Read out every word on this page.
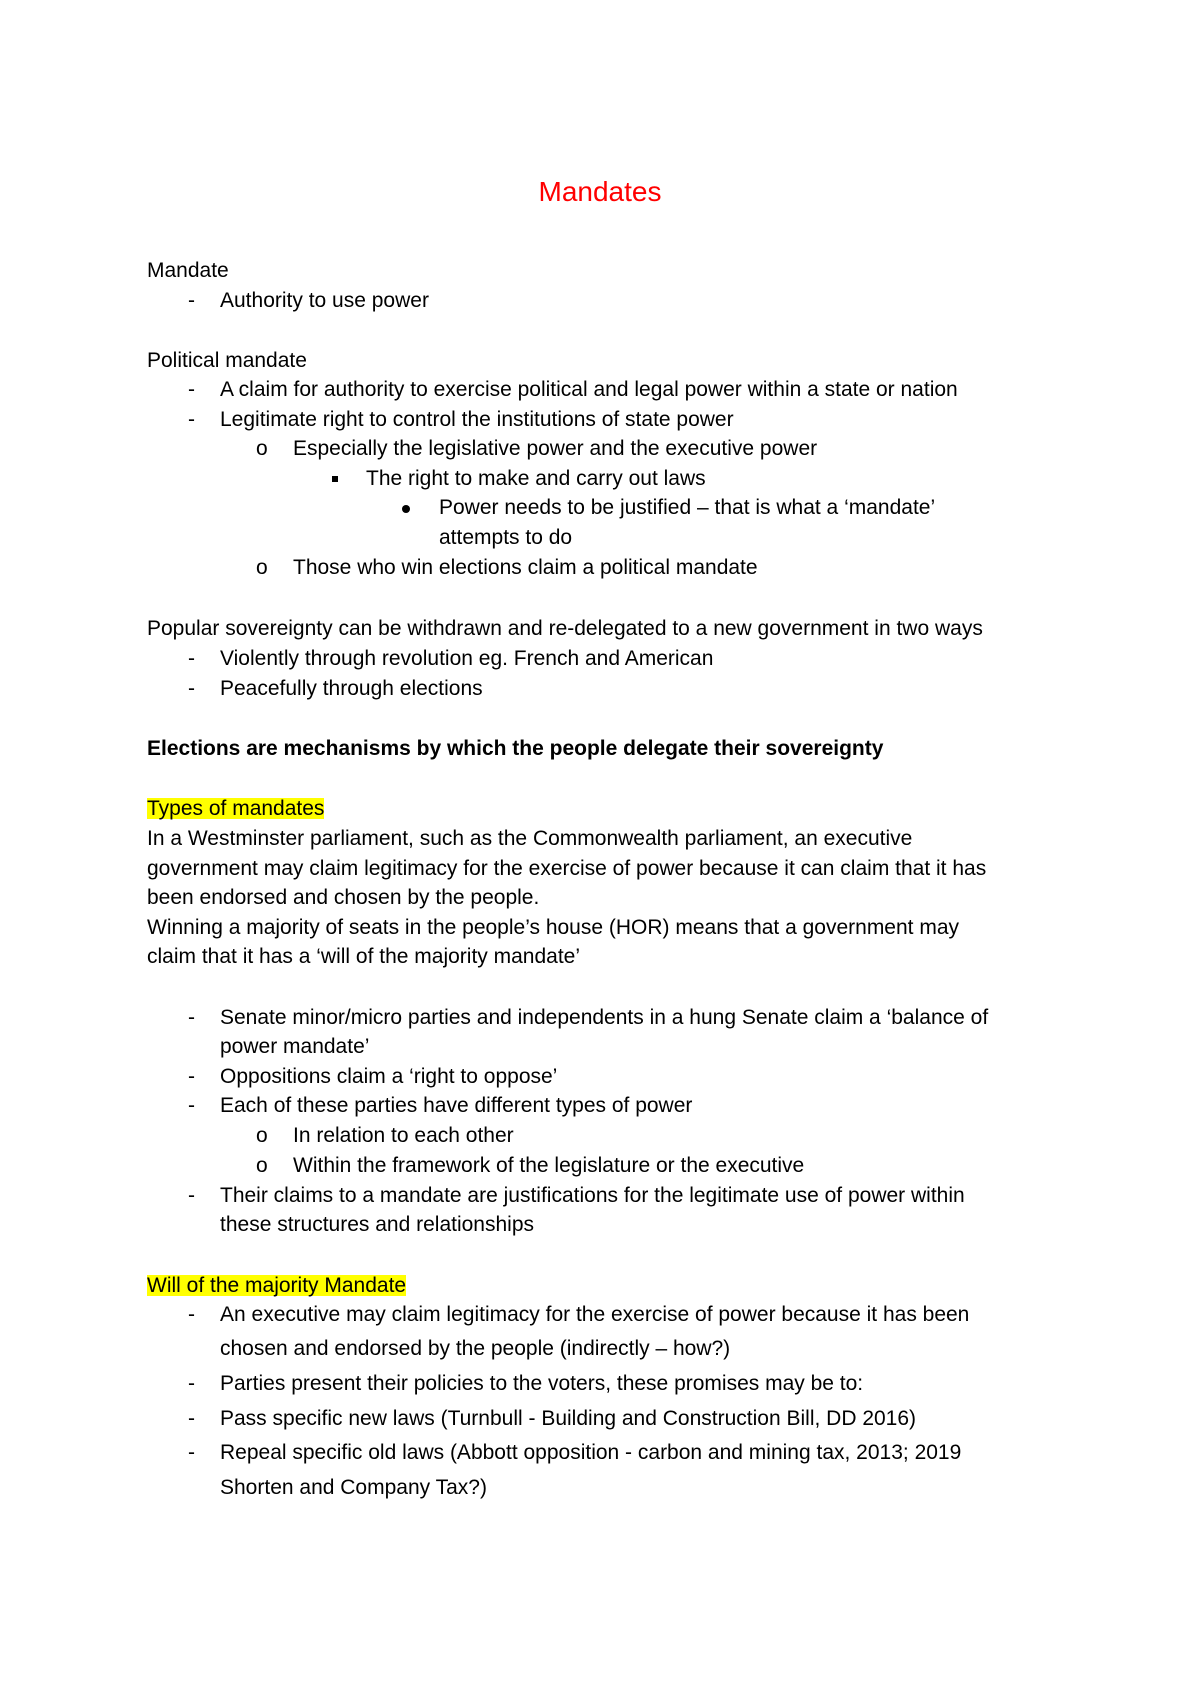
Mandates
Mandate
- Authority to use power
Political mandate
- A claim for authority to exercise political and legal power within a state or nation
- Legitimate right to control the institutions of state power
o Especially the legislative power and the executive power
The right to make and carry out laws
Power needs to be justified – that is what a ‘mandate’
attempts to do
o Those who win elections claim a political mandate
Popular sovereignty can be withdrawn and re-delegated to a new government in two ways
- Violently through revolution eg. French and American
- Peacefully through elections
Elections are mechanisms by which the people delegate their sovereignty
Types of mandates
In a Westminster parliament, such as the Commonwealth parliament, an executive
government may claim legitimacy for the exercise of power because it can claim that it has
been endorsed and chosen by the people.
Winning a majority of seats in the people’s house (HOR) means that a government may
claim that it has a ‘will of the majority mandate’
- Senate minor/micro parties and independents in a hung Senate claim a ‘balance of
power mandate’
- Oppositions claim a ‘right to oppose’
- Each of these parties have different types of power
o In relation to each other
o Within the framework of the legislature or the executive
- Their claims to a mandate are justifications for the legitimate use of power within
these structures and relationships
Will of the majority Mandate
- An executive may claim legitimacy for the exercise of power because it has been
chosen and endorsed by the people (indirectly – how?)
- Parties present their policies to the voters, these promises may be to:
- Pass specific new laws (Turnbull - Building and Construction Bill, DD 2016)
- Repeal specific old laws (Abbott opposition - carbon and mining tax, 2013; 2019
Shorten and Company Tax?)
